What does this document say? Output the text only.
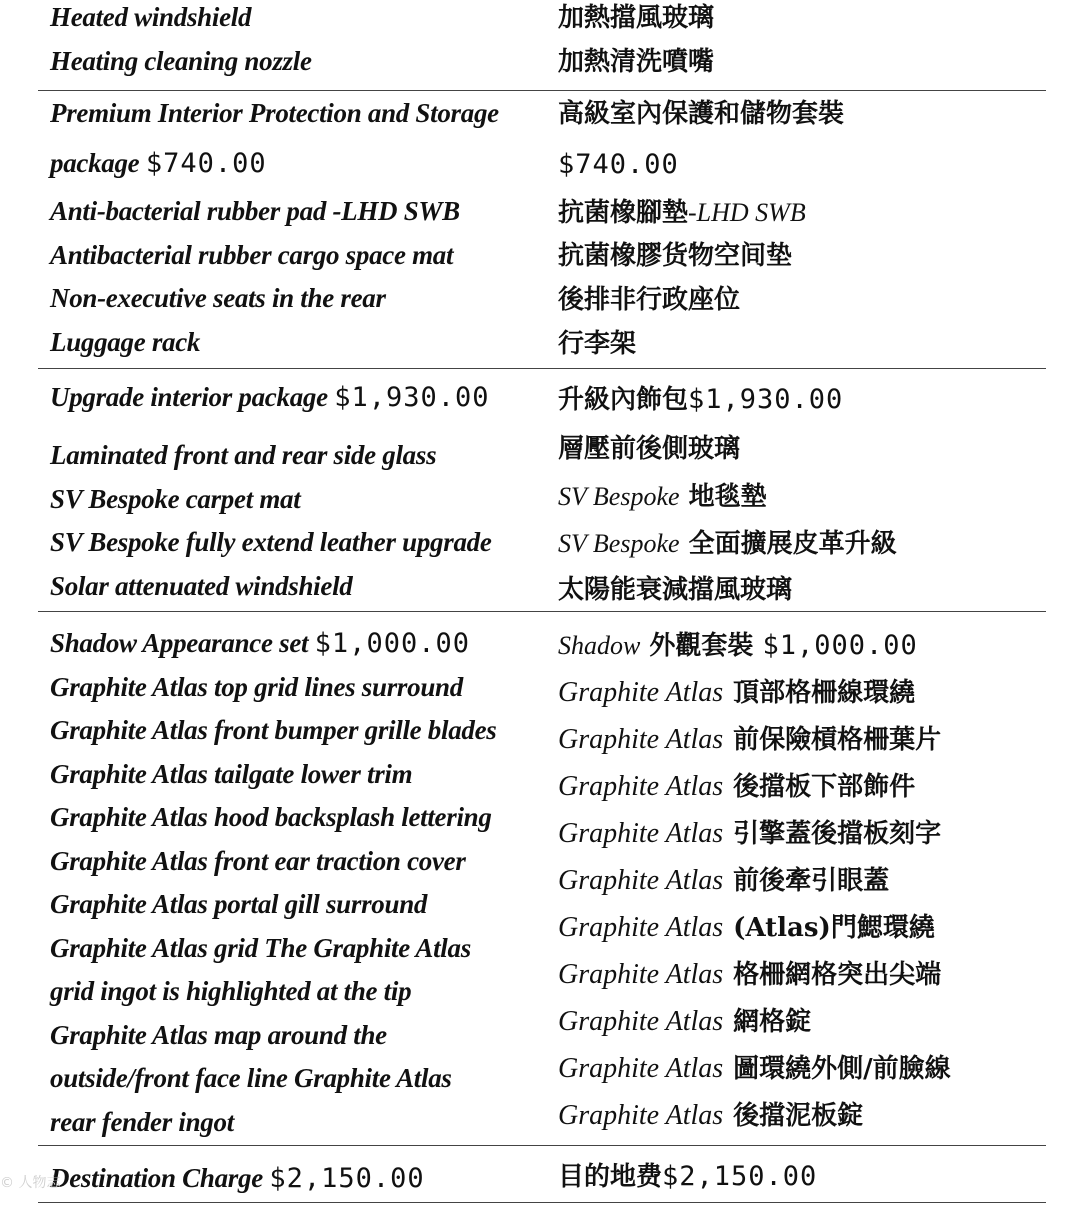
Heated windshield
Heating cleaning nozzle
加熱擋風玻璃
加熱清洗噴嘴
Premium Interior Protection and Storage
package $740.00
Anti-bacterial rubber pad -LHD SWB
Antibacterial rubber cargo space mat
Non-executive seats in the rear
Luggage rack
高級室內保護和儲物套裝
$740.00
抗菌橡腳墊-LHD SWB
抗菌橡膠货物空间垫
後排非行政座位
行李架
Upgrade interior package $1,930.00
Laminated front and rear side glass
SV Bespoke carpet mat
SV Bespoke fully extend leather upgrade
Solar attenuated windshield
升級內飾包$1,930.00
層壓前後側玻璃
SV Bespoke 地毯墊
SV Bespoke 全面擴展皮革升級
太陽能衰減擋風玻璃
Shadow Appearance set $1,000.00
Graphite Atlas top grid lines surround
Graphite Atlas front bumper grille blades
Graphite Atlas tailgate lower trim
Graphite Atlas hood backsplash lettering
Graphite Atlas front ear traction cover
Graphite Atlas portal gill surround
Graphite Atlas grid The Graphite Atlas
grid ingot is highlighted at the tip
Graphite Atlas map around the
outside/front face line Graphite Atlas
rear fender ingot
Shadow 外觀套裝 $1,000.00
Graphite Atlas 頂部格柵線環繞
Graphite Atlas 前保險槓格柵葉片
Graphite Atlas 後擋板下部飾件
Graphite Atlas 引擎蓋後擋板刻字
Graphite Atlas 前後牽引眼蓋
Graphite Atlas (Atlas)門鰓環繞
Graphite Atlas 格柵網格突出尖端
Graphite Atlas 網格錠
Graphite Atlas 圖環繞外側/前臉線
Graphite Atlas 後擋泥板錠
Destination Charge $2,150.00	目的地费$2,150.00
© 人物志
